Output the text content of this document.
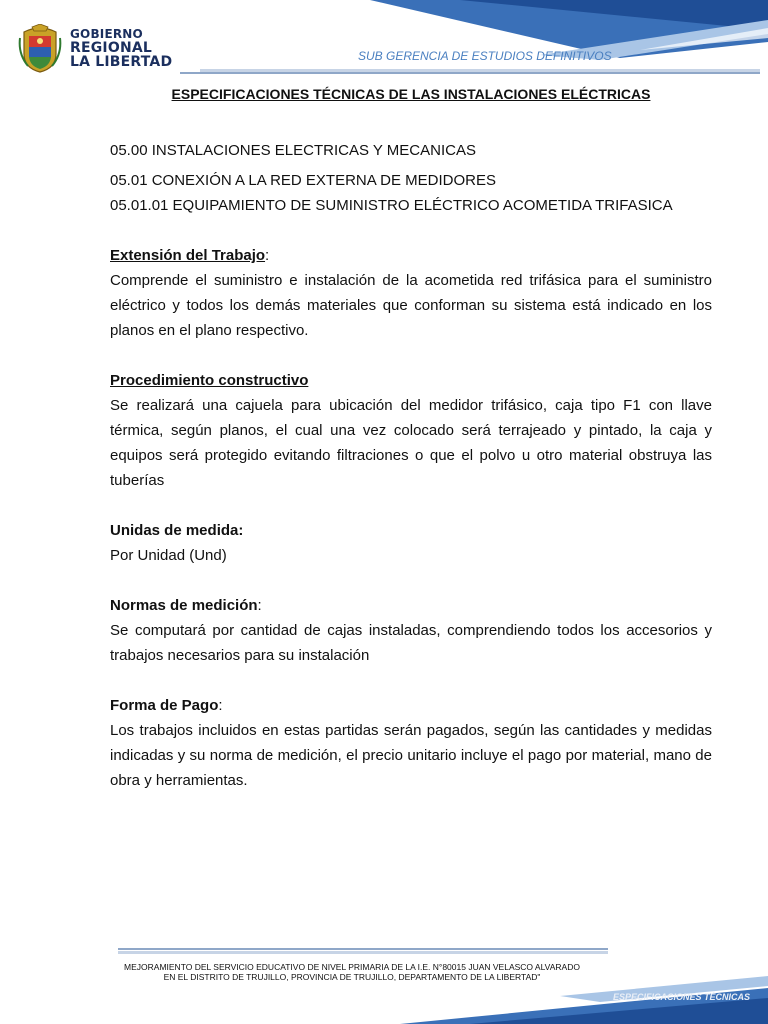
GOBIERNO
REGIONAL
LA LIBERTAD	SUB GERENCIA DE ESTUDIOS DEFINITIVOS
ESPECIFICACIONES TÉCNICAS DE LAS INSTALACIONES ELÉCTRICAS

05.00 INSTALACIONES ELECTRICAS Y MECANICAS

05.01 CONEXIÓN A LA RED EXTERNA DE MEDIDORES

05.01.01 EQUIPAMIENTO DE SUMINISTRO ELÉCTRICO ACOMETIDA TRIFASICA

Extensión del Trabajo:

Comprende el suministro e instalación de la acometida red trifásica para el suministro eléctrico y todos los demás materiales que conforman su sistema está indicado en los planos en el plano respectivo.

Procedimiento constructivo

Se realizará una cajuela para ubicación del medidor trifásico, caja tipo F1 con llave térmica, según planos, el cual una vez colocado será terrajeado y pintado, la caja y equipos será protegido evitando filtraciones o que el polvo u otro material obstruya las tuberías

Unidas de medida:

Por Unidad (Und)

Normas de medición:

Se computará por cantidad de cajas instaladas, comprendiendo todos los accesorios y trabajos necesarios para su instalación

Forma de Pago:

Los trabajos incluidos en estas partidas serán pagados, según las cantidades y medidas indicadas y su norma de medición, el precio unitario incluye el pago por material, mano de obra y herramientas.

MEJORAMIENTO DEL SERVICIO EDUCATIVO DE NIVEL PRIMARIA DE LA I.E. N°80015 JUAN VELASCO ALVARADO
EN EL DISTRITO DE TRUJILLO, PROVINCIA DE TRUJILLO, DEPARTAMENTO DE LA LIBERTAD"
ESPECIFICACIONES TÉCNICAS
